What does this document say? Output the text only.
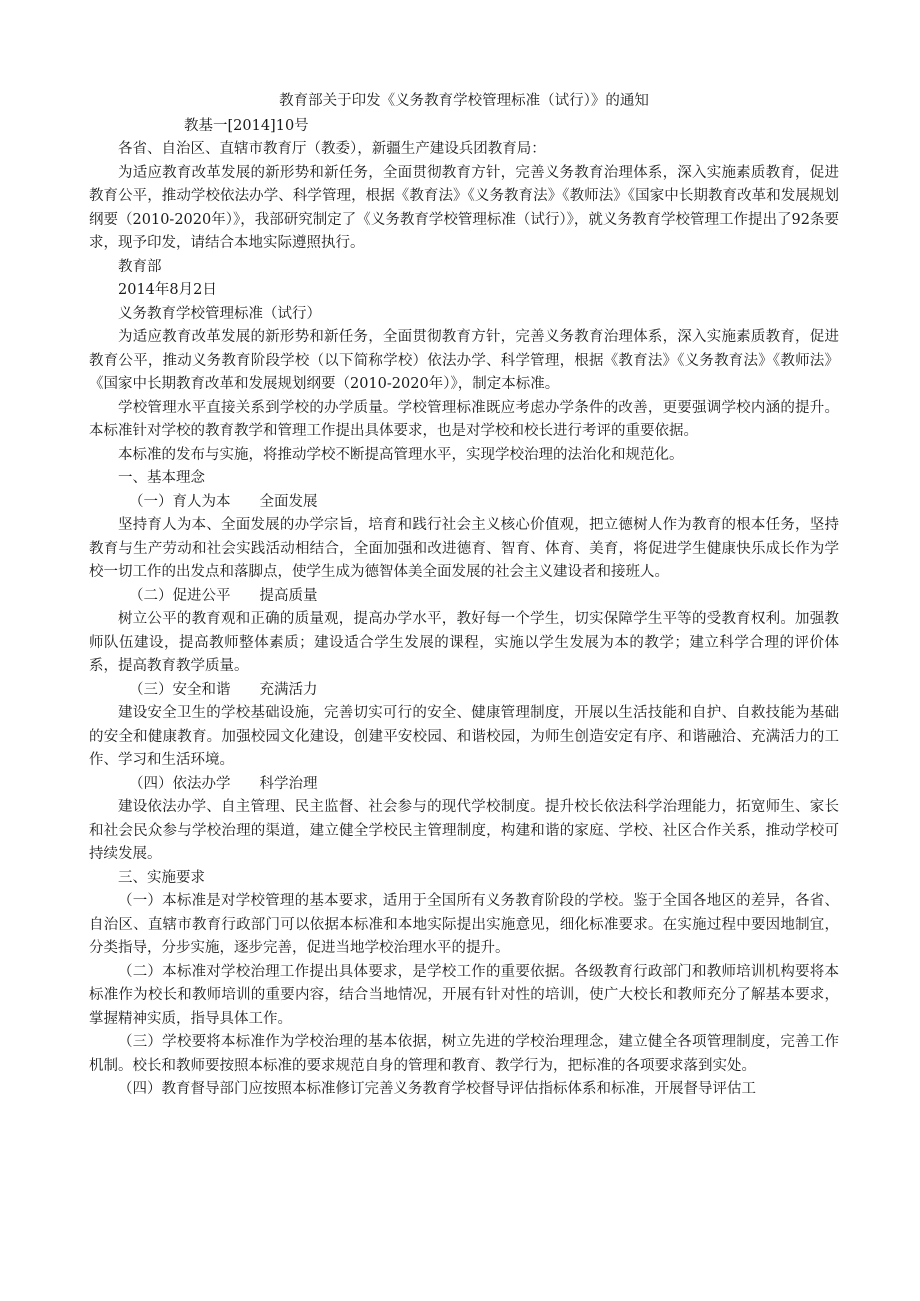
教育部关于印发《义务教育学校管理标准（试行）》的通知

教基一[2014]10号

各省、自治区、直辖市教育厅（教委），新疆生产建设兵团教育局：

为适应教育改革发展的新形势和新任务，全面贯彻教育方针，完善义务教育治理体系，深入实施素质教育，促进教育公平，推动学校依法办学、科学管理，根据《教育法》《义务教育法》《教师法》《国家中长期教育改革和发展规划纲要（2010-2020年）》，我部研究制定了《义务教育学校管理标准（试行）》，就义务教育学校管理工作提出了92条要求，现予印发，请结合本地实际遵照执行。

教育部

2014年8月2日

义务教育学校管理标准（试行）

为适应教育改革发展的新形势和新任务，全面贯彻教育方针，完善义务教育治理体系，深入实施素质教育，促进教育公平，推动义务教育阶段学校（以下简称学校）依法办学、科学管理，根据《教育法》《义务教育法》《教师法》《国家中长期教育改革和发展规划纲要（2010-2020年）》，制定本标准。

学校管理水平直接关系到学校的办学质量。学校管理标准既应考虑办学条件的改善，更要强调学校内涵的提升。本标准针对学校的教育教学和管理工作提出具体要求，也是对学校和校长进行考评的重要依据。

本标准的发布与实施，将推动学校不断提高管理水平，实现学校治理的法治化和规范化。

一、基本理念

（一）育人为本 全面发展

坚持育人为本、全面发展的办学宗旨，培育和践行社会主义核心价值观，把立德树人作为教育的根本任务，坚持教育与生产劳动和社会实践活动相结合，全面加强和改进德育、智育、体育、美育，将促进学生健康快乐成长作为学校一切工作的出发点和落脚点，使学生成为德智体美全面发展的社会主义建设者和接班人。

（二）促进公平 提高质量

树立公平的教育观和正确的质量观，提高办学水平，教好每一个学生，切实保障学生平等的受教育权利。加强教师队伍建设，提高教师整体素质；建设适合学生发展的课程，实施以学生发展为本的教学；建立科学合理的评价体系，提高教育教学质量。

（三）安全和谐 充满活力

建设安全卫生的学校基础设施，完善切实可行的安全、健康管理制度，开展以生活技能和自护、自救技能为基础的安全和健康教育。加强校园文化建设，创建平安校园、和谐校园，为师生创造安定有序、和谐融洽、充满活力的工作、学习和生活环境。

（四）依法办学 科学治理

建设依法办学、自主管理、民主监督、社会参与的现代学校制度。提升校长依法科学治理能力，拓宽师生、家长和社会民众参与学校治理的渠道，建立健全学校民主管理制度，构建和谐的家庭、学校、社区合作关系，推动学校可持续发展。

三、实施要求

（一）本标准是对学校管理的基本要求，适用于全国所有义务教育阶段的学校。鉴于全国各地区的差异，各省、自治区、直辖市教育行政部门可以依据本标准和本地实际提出实施意见，细化标准要求。在实施过程中要因地制宜，分类指导，分步实施，逐步完善，促进当地学校治理水平的提升。

（二）本标准对学校治理工作提出具体要求，是学校工作的重要依据。各级教育行政部门和教师培训机构要将本标准作为校长和教师培训的重要内容，结合当地情况，开展有针对性的培训，使广大校长和教师充分了解基本要求，掌握精神实质，指导具体工作。

（三）学校要将本标准作为学校治理的基本依据，树立先进的学校治理理念，建立健全各项管理制度，完善工作机制。校长和教师要按照本标准的要求规范自身的管理和教育、教学行为，把标准的各项要求落到实处。

（四）教育督导部门应按照本标准修订完善义务教育学校督导评估指标体系和标准，开展督导评估工
